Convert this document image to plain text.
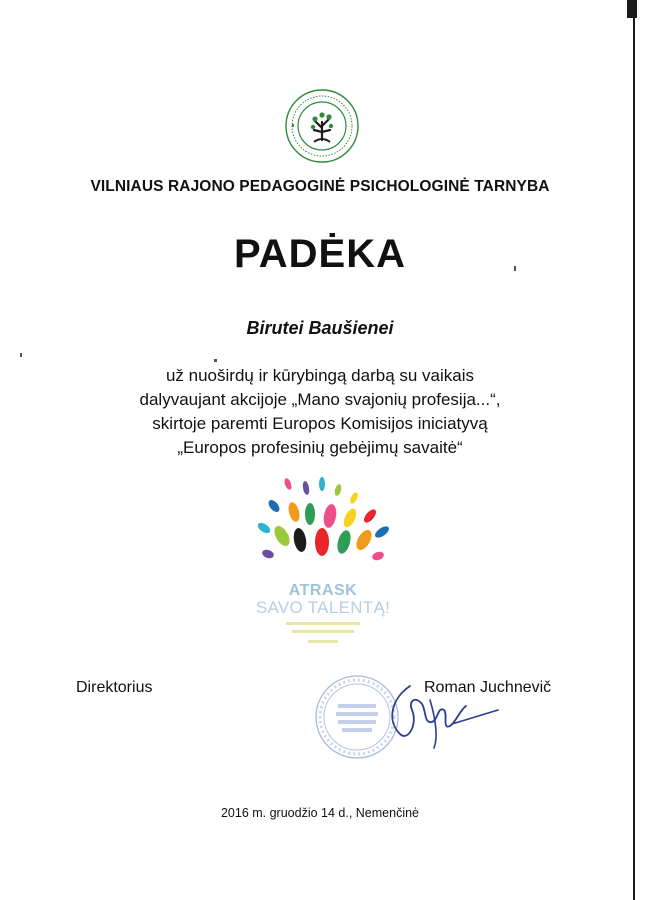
VILNIAUS RAJONO PEDAGOGINĖ PSICHOLOGINĖ TARNYBA
PADĖKA
Birutei Baušienei
už nuoširdų ir kūrybingą darbą su vaikais
dalyvaujant akcijoje „Mano svajonių profesija...“,
skirtoje paremti Europos Komisijos iniciatyvą
„Europos profesinių gebėjimų savaitė“
ATRASK
SAVO TALENTĄ!
Direktorius	Roman Juchnevič
2016 m. gruodžio 14 d., Nemenčinė
